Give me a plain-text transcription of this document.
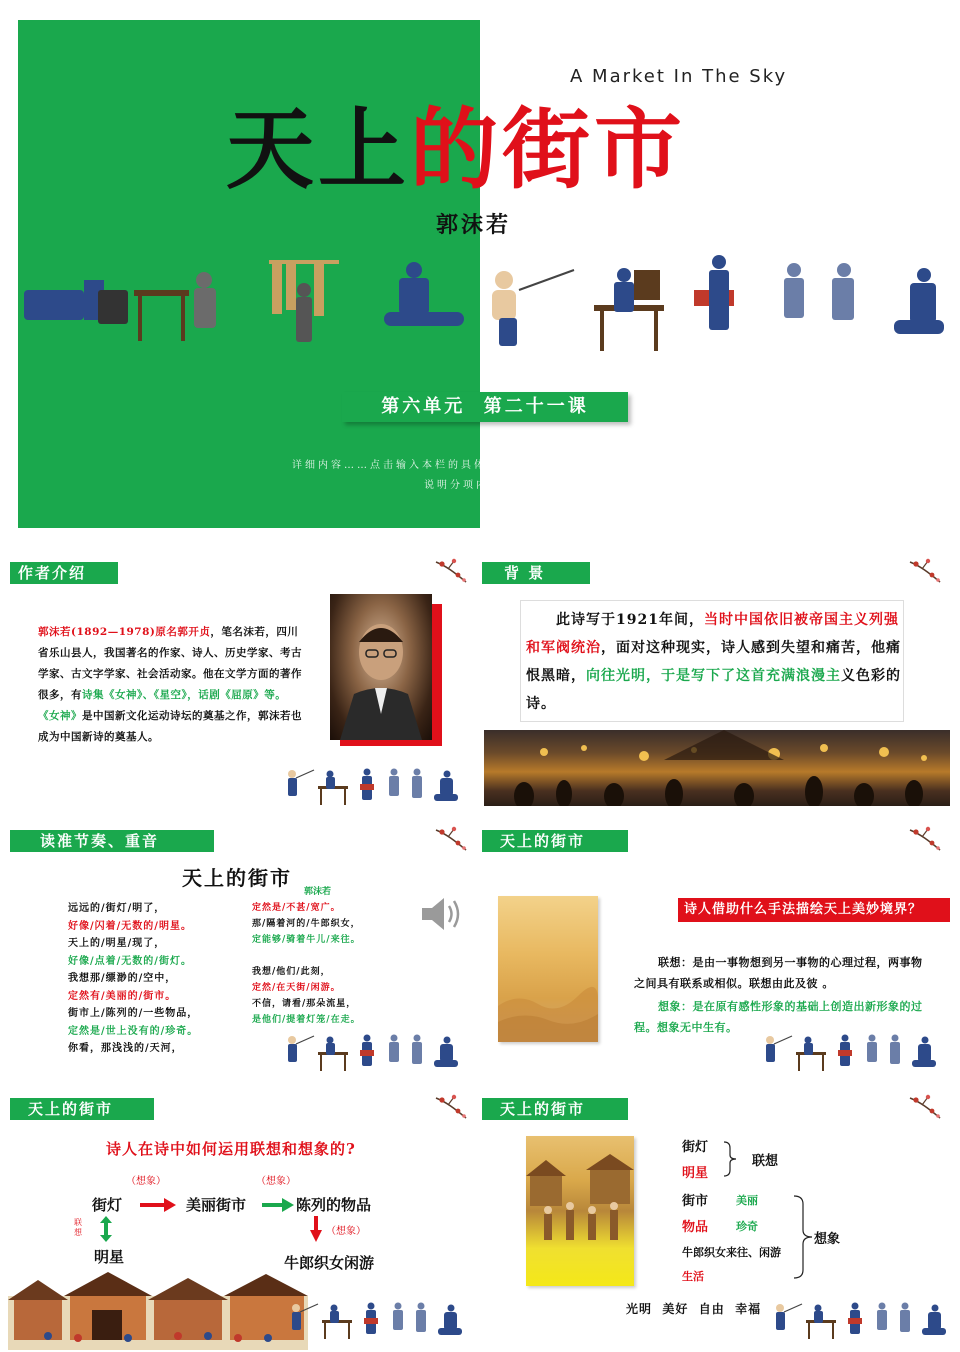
A Market In The Sky
天上的街市
郭沫若
第六单元  第二十一课
详细内容……点击输入本栏的具体文字，简明扼要的
说明分项内容。
作者介绍
郭沫若(1892—1978)原名郭开贞，笔名沫若，四川省乐山县人，我国著名的作家、诗人、历史学家、考古学家、古文字学家、社会活动家。他在文学方面的著作很多，有诗集《女神》、《星空》，话剧《屈原》等。《女神》是中国新文化运动诗坛的奠基之作，郭沫若也成为中国新诗的奠基人。
背 景
此诗写于1921年间，当时中国依旧被帝国主义列强和军阀统治，面对这种现实，诗人感到失望和痛苦，他痛恨黑暗，向往光明，于是写下了这首充满浪漫主义色彩的诗。
读准节奏、重音
天上的街市
郭沫若
远远的/街灯/明了，
好像/闪着/无数的/明星。
天上的/明星/现了，
好像/点着/无数的/街灯。
我想那/缥渺的/空中，
定然有/美丽的/街市。
街市上/陈列的/一些物品，
定然是/世上没有的/珍奇。
你看，那浅浅的/天河，
定然是/不甚/宽广。
那/隔着河的/牛郎织女，
定能够/骑着牛儿/来往。
我想/他们/此刻，
定然/在天街/闲游。
不信，请看/那朵流星，
是他们/提着灯笼/在走。
天上的街市
诗人借助什么手法描绘天上美妙境界？
联想：是由一事物想到另一事物的心理过程，两事物之间具有联系或相似。联想由此及彼 。
想象：是在原有感性形象的基础上创造出新形象的过程。想象无中生有。
天上的街市
诗人在诗中如何运用联想和想象的?
（想象）	（想象）
街灯	美丽街市	陈列的物品
联想	（想象）
明星	牛郎织女闲游
天上的街市
街灯
明星
联想
街市	美丽
物品	珍奇
牛郎织女来往、闲游
生活
想象
光明  美好  自由  幸福
